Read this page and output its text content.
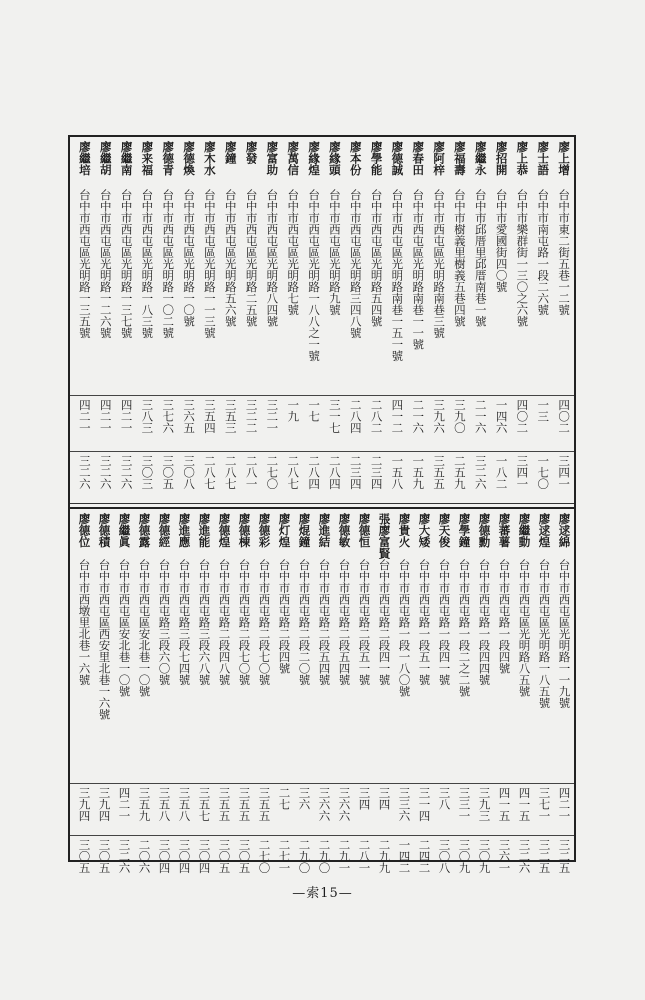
廖上增
台中市東二街五巷一二號
四〇二
三四一
廖士語
台中市南屯路一段二六號
一三
一七〇
廖上恭
台中市樂群街一三〇之六號
四〇二
三四一
廖招開
台中市愛國街四〇號
一四六
一八二
廖繼永
台中市邱厝里邱厝南巷一號
二一六
三二六
廖福壽
台中市樹義里樹義五巷四號
三九〇
二五九
廖阿梓
台中市西屯區光明路南巷三號
三九六
三五五
廖春田
台中市西屯區光明路南巷一一號
二一六
一五九
廖德誠
台中市西屯區光明路南巷一五一號
四一二
一五八
廖學能
台中市西屯區光明路五四號
二八二
二三四
廖本份
台中市西屯區光明路三四八號
二八四
二三四
廖緣頭
台中市西屯區光明路九號
三一七
二八四
廖緣煌
台中市西屯區光明路一八八之一號
一七
二八四
廖萬信
台中市西屯區光明路七號
一九
二八七
廖富助
台中市西屯區光明路八四號
三二一
二七〇
廖發
台中市西屯區光明路二五號
三二二
二八一
廖鐘
台中市西屯區光明路五六號
三五三
二八七
廖木水
台中市西屯區光明路一一三號
三五四
二八七
廖德煥
台中市西屯區光明路一〇號
三六五
三〇八
廖德青
台中市西屯區光明路一〇二號
三七六
三〇五
廖来福
台中市西屯區光明路一八三號
三八三
三〇三
廖繼南
台中市西屯區光明路一三七號
四二一
三二六
廖繼胡
台中市西屯區光明路一二六號
四二一
三二六
廖繼培
台中市西屯區光明路一三五號
四二一
三二六
廖逑綿
台中市西屯區光明路一一九號
四二一
三二五
廖逑煌
台中市西屯區光明路一八五號
三七一
三二五
廖繼動
台中市西屯區光明路八五號
四一五
三二六
廖蕃薯
台中市西屯路一段四號
四一五
三六一
廖德勳
台中市西屯路一段四四號
三九三
三〇九
廖學鐘
台中市西屯路一段二之二號
三三一
三〇九
廖天俊
台中市西屯路一段四一號
三八
三〇八
廖大矮
台中市西屯路一段五一號
三一四
二四二
廖貴火
台中市西屯路一段一八〇號
三三六
一四二
張廖富賢
台中市西屯路二段四一號
三四
二九九
廖德恒
台中市西屯路二段五一號
三四
二八一
廖德敏
台中市西屯路二段五四號
三六六
二九一
廖進結
台中市西屯路二段五四號
三六六
二九〇
廖焜鐘
台中市西屯路二段二〇號
三六
二九〇
廖灯煌
台中市西屯路二段四號
二七
二七一
廖德彩
台中市西屯路二段七〇號
三五五
二七〇
廖德棟
台中市西屯路二段七〇號
三五五
三〇五
廖德煌
台中市西屯路二段四八號
三五五
三〇五
廖進能
台中市西屯路三段六八號
三五七
三〇四
廖進應
台中市西屯路三段七四號
三五八
三〇四
廖德經
台中市西屯路三段六〇號
三五八
三〇四
廖德露
台中市西屯區安北巷一〇號
三五九
二〇六
廖繼眞
台中市西屯區安北巷一〇號
四二一
三二六
廖德積
台中市西屯區西安里北巷一六號
三九四
三〇五
廖德位
台中市西墩里北巷一六號
三九四
三〇五
—索15—
